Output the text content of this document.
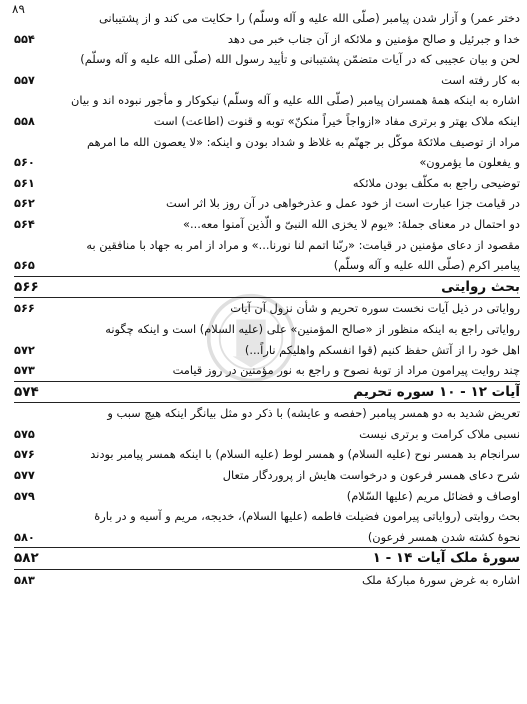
۸۹
دختر عمر) و آزار شدن پیامبر (صلّی الله علیه و آله وسلّم) را حکایت می کند و از پشتیبانی
خدا و جبرئیل و صالح مؤمنین و ملائکه از آن جناب خبر می دهد
۵۵۴
لحن و بیان عجیبی که در آیات متضمّن پشتیبانی و تأیید رسول الله (صلّی الله علیه و آله وسلّم)
به کار رفته است
۵۵۷
اشاره به اینکه همهٔ همسران پیامبر (صلّی الله علیه و آله وسلّم) نیکوکار و مأجور نبوده اند و بیان
اینکه ملاک بهتر و برتری مفاد «ازواجاً خیراً منکنّ» توبه و قنوت (اطاعت) است
۵۵۸
مراد از توصیف ملائکهٔ موکّل بر جهنّم به غلاظ و شداد بودن و اینکه: «لا یعصون الله ما امرهم
و یفعلون ما یؤمرون»
۵۶۰
توضیحی راجع به مکلّف بودن ملائکه
۵۶۱
در قیامت جزا عبارت است از خود عمل و عذرخواهی در آن روز بلا اثر است
۵۶۲
دو احتمال در معنای جملهٔ: «یوم لا یخزی الله النبیّ و الّذین آمنوا معه...»
۵۶۴
مقصود از دعای مؤمنین در قیامت: «ربّنا اتمم لنا نورنا...» و مراد از امر به جهاد با منافقین به
پیامبر اکرم (صلّی الله علیه و آله وسلّم)
۵۶۵
بحث روایتی
۵۶۶
روایاتی در ذیل آیات نخست سوره تحریم و شأن نزول آن آیات
۵۶۶
روایاتی راجع به اینکه منظور از «صالح المؤمنین» علی (علیه السلام) است و اینکه چگونه
اهل خود را از آتش حفظ کنیم (قوا انفسکم واهلیکم ناراً...)
۵۷۲
چند روایت پیرامون مراد از توبهٔ نصوح و راجع به نور مؤمنین در روز قیامت
۵۷۳
آیات ۱۲ - ۱۰ سوره تحریم
۵۷۴
تعریض شدید به دو همسر پیامبر (حفصه و عایشه) با ذکر دو مثل بیانگر اینکه هیچ سبب و
نسبی ملاک کرامت و برتری نیست
۵۷۵
سرانجام بد همسر نوح (علیه السلام) و همسر لوط (علیه السلام) با اینکه همسر پیامبر بودند
۵۷۶
شرح دعای همسر فرعون و درخواست هایش از پروردگار متعال
۵۷۷
اوصاف و فضائل مریم (علیها السّلام)
۵۷۹
بحث روایتی (روایاتی پیرامون فضیلت فاطمه (علیها السلام)، خدیجه، مریم و آسیه و در بارهٔ
نحوهٔ کشته شدن همسر فرعون)
۵۸۰
سورهٔ ملک آیات ۱۴ - ۱
۵۸۲
اشاره به غرض سورهٔ مبارکهٔ ملک
۵۸۳
